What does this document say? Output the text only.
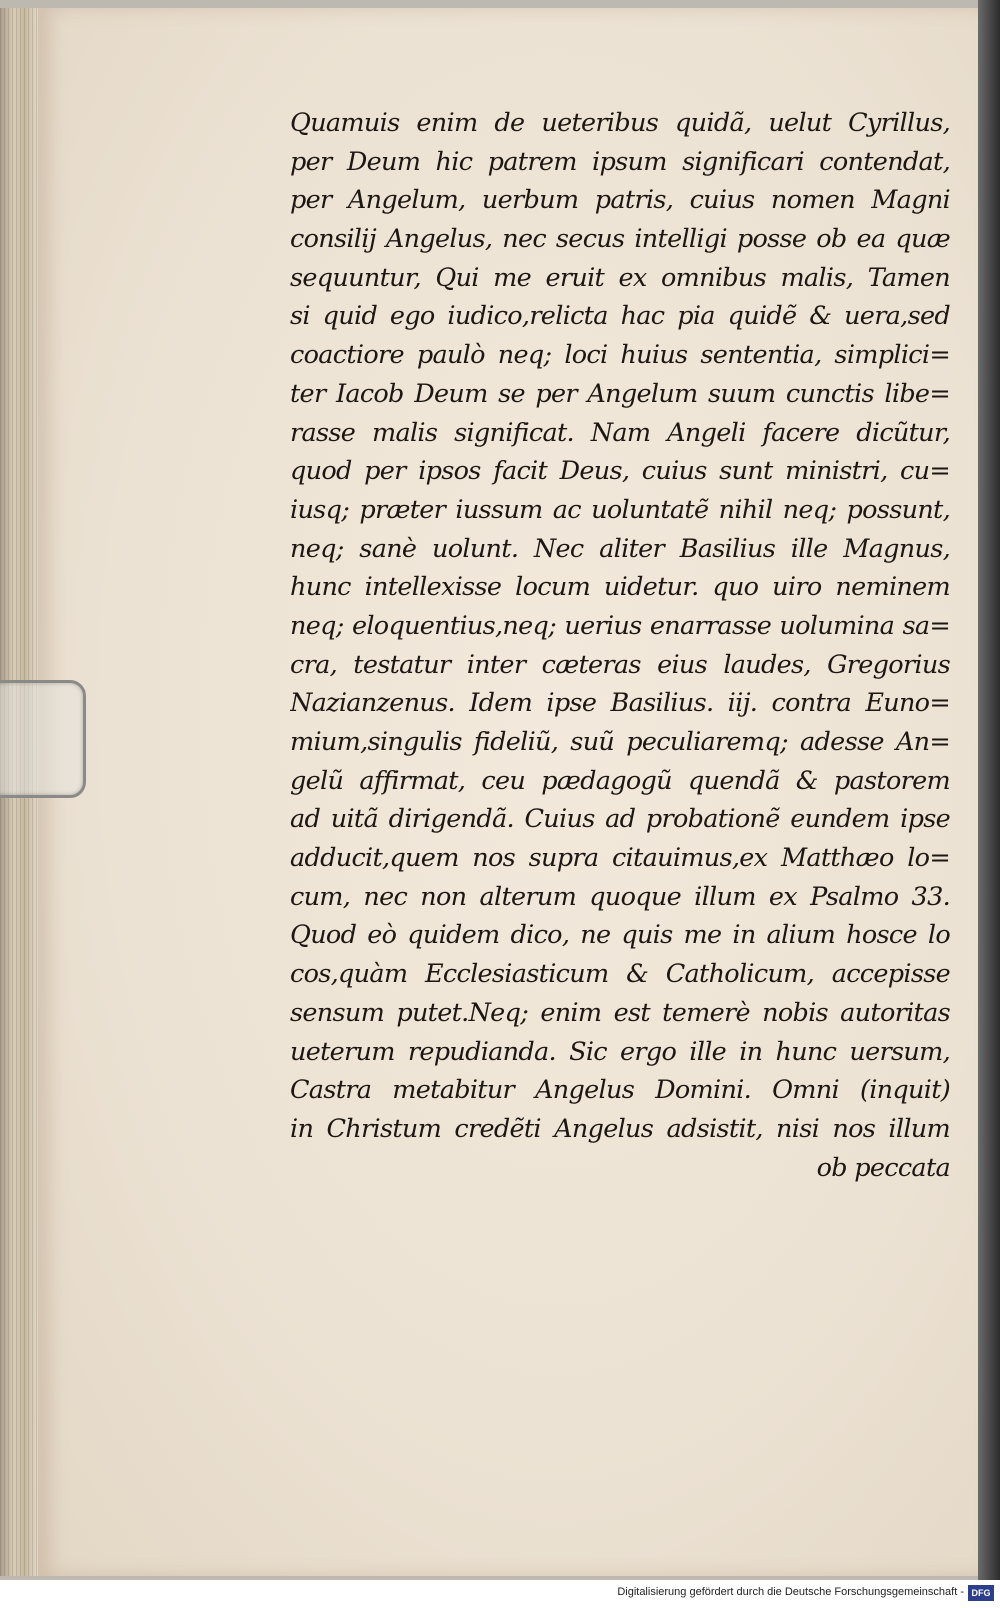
Quamuis enim de ueteribus quidã, uelut Cyrillus,
per Deum hic patrem ipsum significari contendat,
per Angelum, uerbum patris, cuius nomen Magni
consilij Angelus, nec secus intelligi posse ob ea quæ
sequuntur, Qui me eruit ex omnibus malis, Tamen
si quid ego iudico,relicta hac pia quidẽ & uera,sed
coactiore paulò neq; loci huius sententia, simplici=
ter Iacob Deum se per Angelum suum cunctis libe=
rasse malis significat. Nam Angeli facere dicũtur,
quod per ipsos facit Deus, cuius sunt ministri, cu=
iusq; præter iussum ac uoluntatẽ nihil neq; possunt,
neq; sanè uolunt. Nec aliter Basilius ille Magnus,
hunc intellexisse locum uidetur. quo uiro neminem
neq; eloquentius,neq; uerius enarrasse uolumina sa=
cra, testatur inter cæteras eius laudes, Gregorius
Nazianzenus. Idem ipse Basilius. iij. contra Euno=
mium,singulis fideliũ, suũ peculiaremq; adesse An=
gelũ affirmat, ceu pædagogũ quendã & pastorem
ad uitã dirigendã. Cuius ad probationẽ eundem ipse
adducit,quem nos supra citauimus,ex Matthæo lo=
cum, nec non alterum quoque illum ex Psalmo 33.
Quod eò quidem dico, ne quis me in alium hosce lo
cos,quàm Ecclesiasticum & Catholicum, accepisse
sensum putet.Neq; enim est temerè nobis autoritas
ueterum repudianda. Sic ergo ille in hunc uersum,
Castra metabitur Angelus Domini. Omni (inquit)
in Christum credẽti Angelus adsistit, nisi nos illum
ob peccata
Digitalisierung gefördert durch die Deutsche Forschungsgemeinschaft - DFG
